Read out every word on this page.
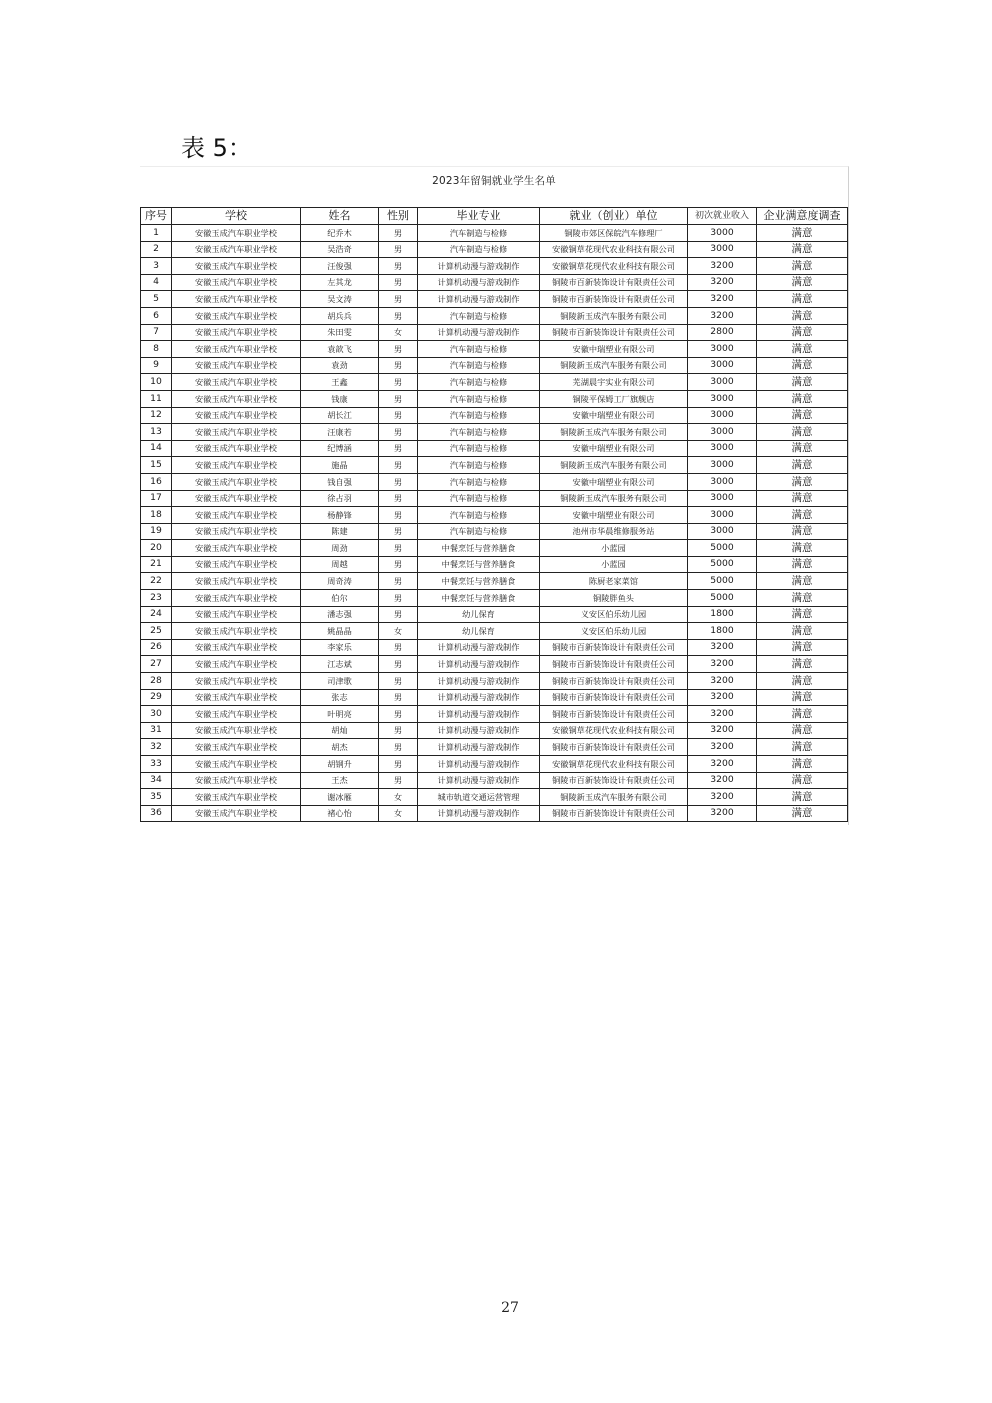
表 5：
2023年留铜就业学生名单
序号	学校	姓名	性别	毕业专业	就业（创业）单位	初次就业收入	企业满意度调查
1	安徽玉成汽车职业学校	纪乔木	男	汽车制造与检修	铜陵市郊区保皖汽车修理厂	3000	满意
2	安徽玉成汽车职业学校	吴浩奇	男	汽车制造与检修	安徽铜草花现代农业科技有限公司	3000	满意
3	安徽玉成汽车职业学校	汪俊强	男	计算机动漫与游戏制作	安徽铜草花现代农业科技有限公司	3200	满意
4	安徽玉成汽车职业学校	左其龙	男	计算机动漫与游戏制作	铜陵市百新装饰设计有限责任公司	3200	满意
5	安徽玉成汽车职业学校	吴文涛	男	计算机动漫与游戏制作	铜陵市百新装饰设计有限责任公司	3200	满意
6	安徽玉成汽车职业学校	胡兵兵	男	汽车制造与检修	铜陵新玉成汽车服务有限公司	3200	满意
7	安徽玉成汽车职业学校	朱田雯	女	计算机动漫与游戏制作	铜陵市百新装饰设计有限责任公司	2800	满意
8	安徽玉成汽车职业学校	袁歆飞	男	汽车制造与检修	安徽中瑞塑业有限公司	3000	满意
9	安徽玉成汽车职业学校	袁劲	男	汽车制造与检修	铜陵新玉成汽车服务有限公司	3000	满意
10	安徽玉成汽车职业学校	王鑫	男	汽车制造与检修	芜湖晨宇实业有限公司	3000	满意
11	安徽玉成汽车职业学校	钱康	男	汽车制造与检修	铜陵平保姆工厂旗舰店	3000	满意
12	安徽玉成汽车职业学校	胡长江	男	汽车制造与检修	安徽中瑞塑业有限公司	3000	满意
13	安徽玉成汽车职业学校	汪康若	男	汽车制造与检修	铜陵新玉成汽车服务有限公司	3000	满意
14	安徽玉成汽车职业学校	纪博涵	男	汽车制造与检修	安徽中瑞塑业有限公司	3000	满意
15	安徽玉成汽车职业学校	施晶	男	汽车制造与检修	铜陵新玉成汽车服务有限公司	3000	满意
16	安徽玉成汽车职业学校	钱自强	男	汽车制造与检修	安徽中瑞塑业有限公司	3000	满意
17	安徽玉成汽车职业学校	徐占羽	男	汽车制造与检修	铜陵新玉成汽车服务有限公司	3000	满意
18	安徽玉成汽车职业学校	杨静锋	男	汽车制造与检修	安徽中瑞塑业有限公司	3000	满意
19	安徽玉成汽车职业学校	陈建	男	汽车制造与检修	池州市华晨维修服务站	3000	满意
20	安徽玉成汽车职业学校	周劲	男	中餐烹饪与营养膳食	小蓝园	5000	满意
21	安徽玉成汽车职业学校	周越	男	中餐烹饪与营养膳食	小蓝园	5000	满意
22	安徽玉成汽车职业学校	周奇涛	男	中餐烹饪与营养膳食	陈厨老家菜馆	5000	满意
23	安徽玉成汽车职业学校	伯尔	男	中餐烹饪与营养膳食	铜陵胖鱼头	5000	满意
24	安徽玉成汽车职业学校	潘志强	男	幼儿保育	义安区伯乐幼儿园	1800	满意
25	安徽玉成汽车职业学校	姚晶晶	女	幼儿保育	义安区伯乐幼儿园	1800	满意
26	安徽玉成汽车职业学校	李家乐	男	计算机动漫与游戏制作	铜陵市百新装饰设计有限责任公司	3200	满意
27	安徽玉成汽车职业学校	江志斌	男	计算机动漫与游戏制作	铜陵市百新装饰设计有限责任公司	3200	满意
28	安徽玉成汽车职业学校	司津歌	男	计算机动漫与游戏制作	铜陵市百新装饰设计有限责任公司	3200	满意
29	安徽玉成汽车职业学校	张志	男	计算机动漫与游戏制作	铜陵市百新装饰设计有限责任公司	3200	满意
30	安徽玉成汽车职业学校	叶明亮	男	计算机动漫与游戏制作	铜陵市百新装饰设计有限责任公司	3200	满意
31	安徽玉成汽车职业学校	胡灿	男	计算机动漫与游戏制作	安徽铜草花现代农业科技有限公司	3200	满意
32	安徽玉成汽车职业学校	胡杰	男	计算机动漫与游戏制作	铜陵市百新装饰设计有限责任公司	3200	满意
33	安徽玉成汽车职业学校	胡钢升	男	计算机动漫与游戏制作	安徽铜草花现代农业科技有限公司	3200	满意
34	安徽玉成汽车职业学校	王杰	男	计算机动漫与游戏制作	铜陵市百新装饰设计有限责任公司	3200	满意
35	安徽玉成汽车职业学校	谢冰雁	女	城市轨道交通运营管理	铜陵新玉成汽车服务有限公司	3200	满意
36	安徽玉成汽车职业学校	褚心怡	女	计算机动漫与游戏制作	铜陵市百新装饰设计有限责任公司	3200	满意
27
